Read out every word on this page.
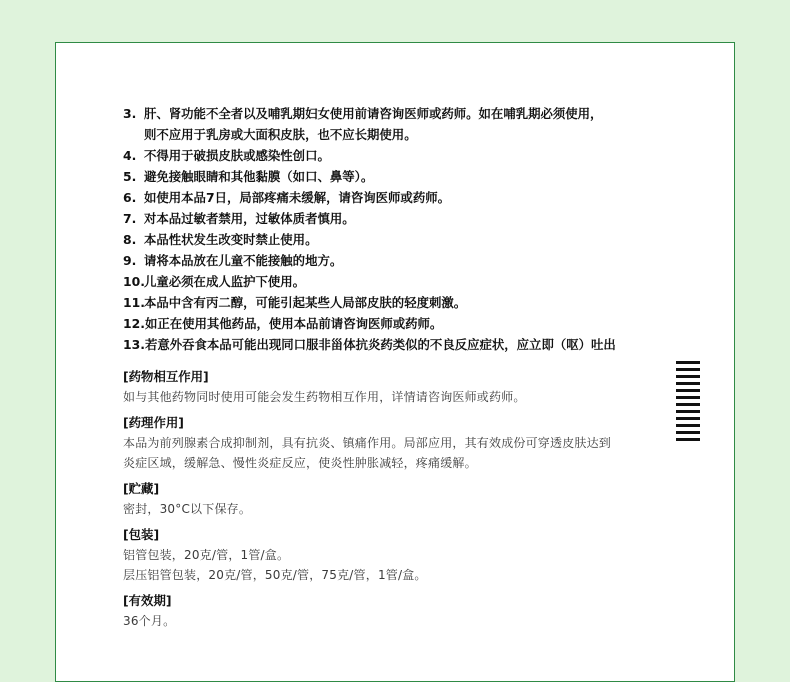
3. 肝、肾功能不全者以及哺乳期妇女使用前请咨询医师或药师。如在哺乳期必须使用，
则不应用于乳房或大面积皮肤，也不应长期使用。
4. 不得用于破损皮肤或感染性创口。
5. 避免接触眼睛和其他黏膜（如口、鼻等）。
6. 如使用本品7日，局部疼痛未缓解，请咨询医师或药师。
7. 对本品过敏者禁用，过敏体质者慎用。
8. 本品性状发生改变时禁止使用。
9. 请将本品放在儿童不能接触的地方。
10. 儿童必须在成人监护下使用。
11. 本品中含有丙二醇，可能引起某些人局部皮肤的轻度刺激。
12.如正在使用其他药品，使用本品前请咨询医师或药师。
13.若意外吞食本品可能出现同口服非甾体抗炎药类似的不良反应症状，应立即（呕）吐出
[药物相互作用]
如与其他药物同时使用可能会发生药物相互作用，详情请咨询医师或药师。
[药理作用]
本品为前列腺素合成抑制剂，具有抗炎、镇痛作用。局部应用，其有效成份可穿透皮肤达到
炎症区域，缓解急、慢性炎症反应，使炎性肿胀减轻，疼痛缓解。
[贮藏]
密封，30°C以下保存。
[包装]
铝管包装，20克/管，1管/盒。
层压铝管包装，20克/管，50克/管，75克/管，1管/盒。
[有效期]
36个月。
